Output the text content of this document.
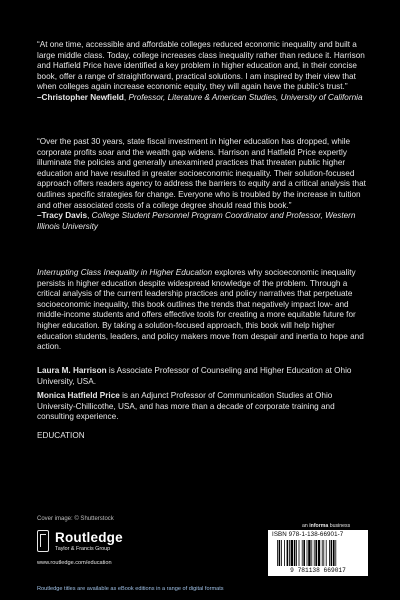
“At one time, accessible and affordable colleges reduced economic inequality and built a large middle class. Today, college increases class inequality rather than reduce it. Harrison and Hatfield Price have identified a key problem in higher education and, in their concise book, offer a range of straightforward, practical solutions. I am inspired by their view that when colleges again increase economic equity, they will again have the public’s trust.”
–Christopher Newfield, Professor, Literature & American Studies, University of California

“Over the past 30 years, state fiscal investment in higher education has dropped, while corporate profits soar and the wealth gap widens. Harrison and Hatfield Price expertly illuminate the policies and generally unexamined practices that threaten public higher education and have resulted in greater socioeconomic inequality. Their solution-focused approach offers readers agency to address the barriers to equity and a critical analysis that outlines specific strategies for change. Everyone who is troubled by the increase in tuition and other associated costs of a college degree should read this book.”
–Tracy Davis, College Student Personnel Program Coordinator and Professor, Western Illinois University

Interrupting Class Inequality in Higher Education explores why socioeconomic inequality persists in higher education despite widespread knowledge of the problem. Through a critical analysis of the current leadership practices and policy narratives that perpetuate socioeconomic inequality, this book outlines the trends that negatively impact low- and middle-income students and offers effective tools for creating a more equitable future for higher education. By taking a solution-focused approach, this book will help higher education students, leaders, and policy makers move from despair and inertia to hope and action.

Laura M. Harrison is Associate Professor of Counseling and Higher Education at Ohio University, USA.

Monica Hatfield Price is an Adjunct Professor of Communication Studies at Ohio University-Chillicothe, USA, and has more than a decade of corporate training and consulting experience.

EDUCATION

Cover image: © Shutterstock
Routledge
Taylor & Francis Group
www.routledge.com/education
an informa business
ISBN 978-1-138-66901-7
9 781138 669017
Routledge titles are available as eBook editions in a range of digital formats
